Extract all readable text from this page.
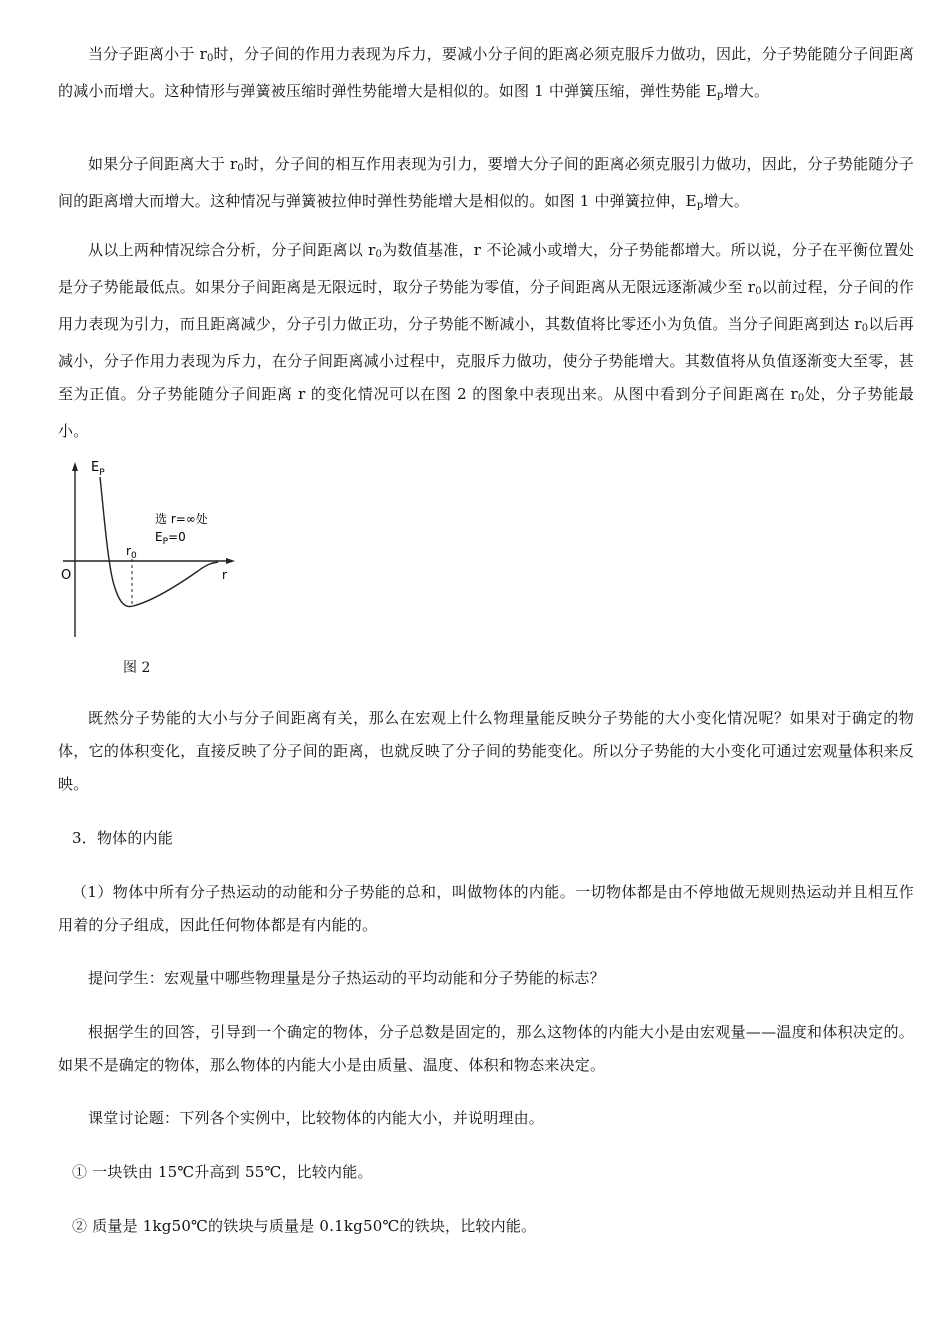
当分子距离小于 $r_0$时，分子间的作用力表现为斥力，要减小分子间的距离必须克服斥力做功，因此，分子势能随分子间距离的减小而增大。这种情形与弹簧被压缩时弹性势能增大是相似的。如图 1 中弹簧压缩，弹性势能 $E_p$增大。

如果分子间距离大于 $r_0$时，分子间的相互作用表现为引力，要增大分子间的距离必须克服引力做功，因此，分子势能随分子间的距离增大而增大。这种情况与弹簧被拉伸时弹性势能增大是相似的。如图 1 中弹簧拉伸，$E_p$增大。

从以上两种情况综合分析，分子间距离以 $r_0$为数值基准，r 不论减小或增大，分子势能都增大。所以说，分子在平衡位置处是分子势能最低点。如果分子间距离是无限远时，取分子势能为零值，分子间距离从无限远逐渐减少至 $r_0$以前过程，分子间的作用力表现为引力，而且距离减少，分子引力做正功，分子势能不断减小，其数值将比零还小为负值。当分子间距离到达 $r_0$以后再减小，分子作用力表现为斥力，在分子间距离减小过程中，克服斥力做功，使分子势能增大。其数值将从负值逐渐变大至零，甚至为正值。分子势能随分子间距离 r 的变化情况可以在图 2 的图象中表现出来。从图中看到分子间距离在 $r_0$处，分子势能最小。

$E_P$
r
O
$r_0$
选 r=∞处
$E_P=0$
图 2

既然分子势能的大小与分子间距离有关，那么在宏观上什么物理量能反映分子势能的大小变化情况呢？如果对于确定的物体，它的体积变化，直接反映了分子间的距离，也就反映了分子间的势能变化。所以分子势能的大小变化可通过宏观量体积来反映。

3．物体的内能

（1）物体中所有分子热运动的动能和分子势能的总和，叫做物体的内能。一切物体都是由不停地做无规则热运动并且相互作用着的分子组成，因此任何物体都是有内能的。

提问学生：宏观量中哪些物理量是分子热运动的平均动能和分子势能的标志？

根据学生的回答，引导到一个确定的物体，分子总数是固定的，那么这物体的内能大小是由宏观量——温度和体积决定的。如果不是确定的物体，那么物体的内能大小是由质量、温度、体积和物态来决定。

课堂讨论题：下列各个实例中，比较物体的内能大小，并说明理由。

① 一块铁由 15℃升高到 55℃，比较内能。

② 质量是 1kg50℃的铁块与质量是 0.1kg50℃的铁块，比较内能。
